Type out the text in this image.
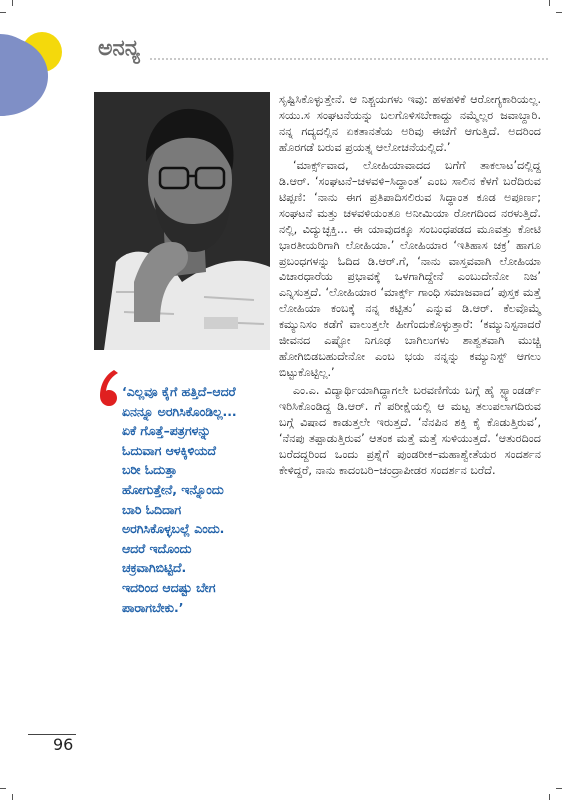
ಅನನ್ಯ

‘ಎಲ್ಲವೂ ಕೈಗೆ ಹತ್ತಿದೆ–ಆದರೆ

ಏನನ್ನೂ ಅರಗಿಸಿಕೊಂಡಿಲ್ಲ...

ಏಕೆ ಗೊತ್ತೆ–ಪತ್ರಗಳನ್ನು

ಓದುವಾಗ ಆಳಕ್ಕಿಳಿಯದೆ

ಬರೀ ಓದುತ್ತಾ

ಹೋಗುತ್ತೇನೆ, ಇನ್ನೊಂದು

ಬಾರಿ ಓದಿದಾಗ

ಅರಗಿಸಿಕೊಳ್ಳಬಲ್ಲೆ ಎಂದು.

ಆದರೆ ಇದೊಂದು

ಚಕ್ರವಾಗಿಬಿಟ್ಟಿದೆ.

ಇದರಿಂದ ಆದಷ್ಟು ಬೇಗ

ಪಾರಾಗಬೇಕು.’

ಸೃಷ್ಟಿಸಿಕೊಳ್ಳುತ್ತೇನೆ. ಆ ನಿಶ್ಚಯಗಳು ಇವು: ಹಳಹಳಿಕೆ ಆರೋಗ್ಯಕಾರಿಯಲ್ಲ. ಸಯು.ಸ ಸಂಘಟನೆಯನ್ನು ಬಲಗೊಳಿಸಬೇಕಾದ್ದು ನಮ್ಮೆಲ್ಲರ ಜವಾಬ್ದಾರಿ. ನನ್ನ ಗದ್ಯದಲ್ಲಿನ ಏಕತಾನತೆಯ ಅರಿವು ಈಚೆಗೆ ಆಗುತ್ತಿದೆ. ಅದರಿಂದ ಹೊರಗಡೆ ಬರುವ ಪ್ರಯತ್ನ ಆಲೋಚನೆಯಲ್ಲಿದೆ.’

‘ಮಾರ್ಕ್ಸ್‌ವಾದ, ಲೋಹಿಯಾವಾದದ ಬಗೆಗೆ ತಾಕಲಾಟ’ದಲ್ಲಿದ್ದ ಡಿ.ಆರ್. ‘ಸಂಘಟನೆ–ಚಳವಳಿ–ಸಿದ್ಧಾಂತ’ ಎಂಬ ಸಾಲಿನ ಕೆಳಗೆ ಬರೆದಿರುವ ಟಿಪ್ಪಣಿ: ‘ನಾನು ಈಗ ಪ್ರತಿಪಾದಿಸಲಿರುವ ಸಿದ್ಧಾಂತ ಕೂಡ ಅಪೂರ್ಣ; ಸಂಘಟನೆ ಮತ್ತು ಚಳವಳಿಯಂತೂ ಅನೀಮಿಯಾ ರೋಗದಿಂದ ನರಳುತ್ತಿದೆ. ನಲ್ಲಿ, ವಿದ್ಯುಚ್ಛಕ್ತಿ... ಈ ಯಾವುದಕ್ಕೂ ಸಂಬಂಧಪಡದ ಮೂವತ್ತು ಕೋಟಿ ಭಾರತೀಯರಿಗಾಗಿ ಲೋಹಿಯಾ.’ ಲೋಹಿಯಾರ ‘ಇತಿಹಾಸ ಚಕ್ರ’ ಹಾಗೂ ಪ್ರಬಂಧಗಳನ್ನು ಓದಿದ ಡಿ.ಆರ್.ಗೆ, ‘ನಾನು ವಾಸ್ತವವಾಗಿ ಲೋಹಿಯಾ ವಿಚಾರಧಾರೆಯ ಪ್ರಭಾವಕ್ಕೆ ಒಳಗಾಗಿದ್ದೇನೆ ಎಂಬುದೇನೋ ನಿಜ’ ಎನ್ನಿಸುತ್ತದೆ. ‘ಲೋಹಿಯಾರ ‘ಮಾರ್ಕ್ಸ್ ಗಾಂಧಿ ಸಮಾಜವಾದ’ ಪುಸ್ತಕ ಮತ್ತೆ ಲೋಹಿಯಾ ಕಂಬಕ್ಕೆ ನನ್ನ ಕಟ್ಟಿತು’ ಎನ್ನುವ ಡಿ.ಆರ್. ಕೆಲವೊಮ್ಮೆ ಕಮ್ಯುನಿಸಂ ಕಡೆಗೆ ವಾಲುತ್ತಲೇ ಹೀಗೆಂದುಕೊಳ್ಳುತ್ತಾರೆ: ‘ಕಮ್ಯುನಿಸ್ಟನಾದರೆ ಜೀವನದ ಎಷ್ಟೋ ನಿಗೂಢ ಬಾಗಿಲುಗಳು ಶಾಶ್ವತವಾಗಿ ಮುಚ್ಚಿ ಹೋಗಿಬಿಡಬಹುದೇನೋ ಎಂಬ ಭಯ ನನ್ನನ್ನು ಕಮ್ಯುನಿಸ್ಟ್ ಆಗಲು ಬಿಟ್ಟುಕೊಟ್ಟಿಲ್ಲ.’

ಎಂ.ಎ. ವಿದ್ಯಾರ್ಥಿಯಾಗಿದ್ದಾಗಲೇ ಬರವಣಿಗೆಯ ಬಗ್ಗೆ ಹೈ ಸ್ಟ್ಯಾಂಡರ್ಡ್ ಇರಿಸಿಕೊಂಡಿದ್ದ ಡಿ.ಆರ್. ಗೆ ಪರೀಕ್ಷೆಯಲ್ಲಿ ಆ ಮಟ್ಟ ತಲುಪಲಾಗದಿರುವ ಬಗ್ಗೆ ವಿಷಾದ ಕಾಡುತ್ತಲೇ ಇರುತ್ತದೆ. ‘ನೆನಪಿನ ಶಕ್ತಿ ಕೈ ಕೊಡುತ್ತಿರುವ’, ‘ನೆನಪು ತಪ್ಪಾಡುತ್ತಿರುವ’ ಆತಂಕ ಮತ್ತೆ ಮತ್ತೆ ಸುಳಿಯುತ್ತದೆ. ‘ಆತುರದಿಂದ ಬರೆದದ್ದರಿಂದ ಒಂದು ಪ್ರಶ್ನೆಗೆ ಪುಂಡರೀಕ–ಮಹಾಶ್ವೇತೆಯರ ಸಂದರ್ಶನ ಕೇಳಿದ್ದರೆ, ನಾನು ಕಾದಂಬರಿ–ಚಂದ್ರಾಪೀಡರ ಸಂದರ್ಶನ ಬರೆದೆ.

96
